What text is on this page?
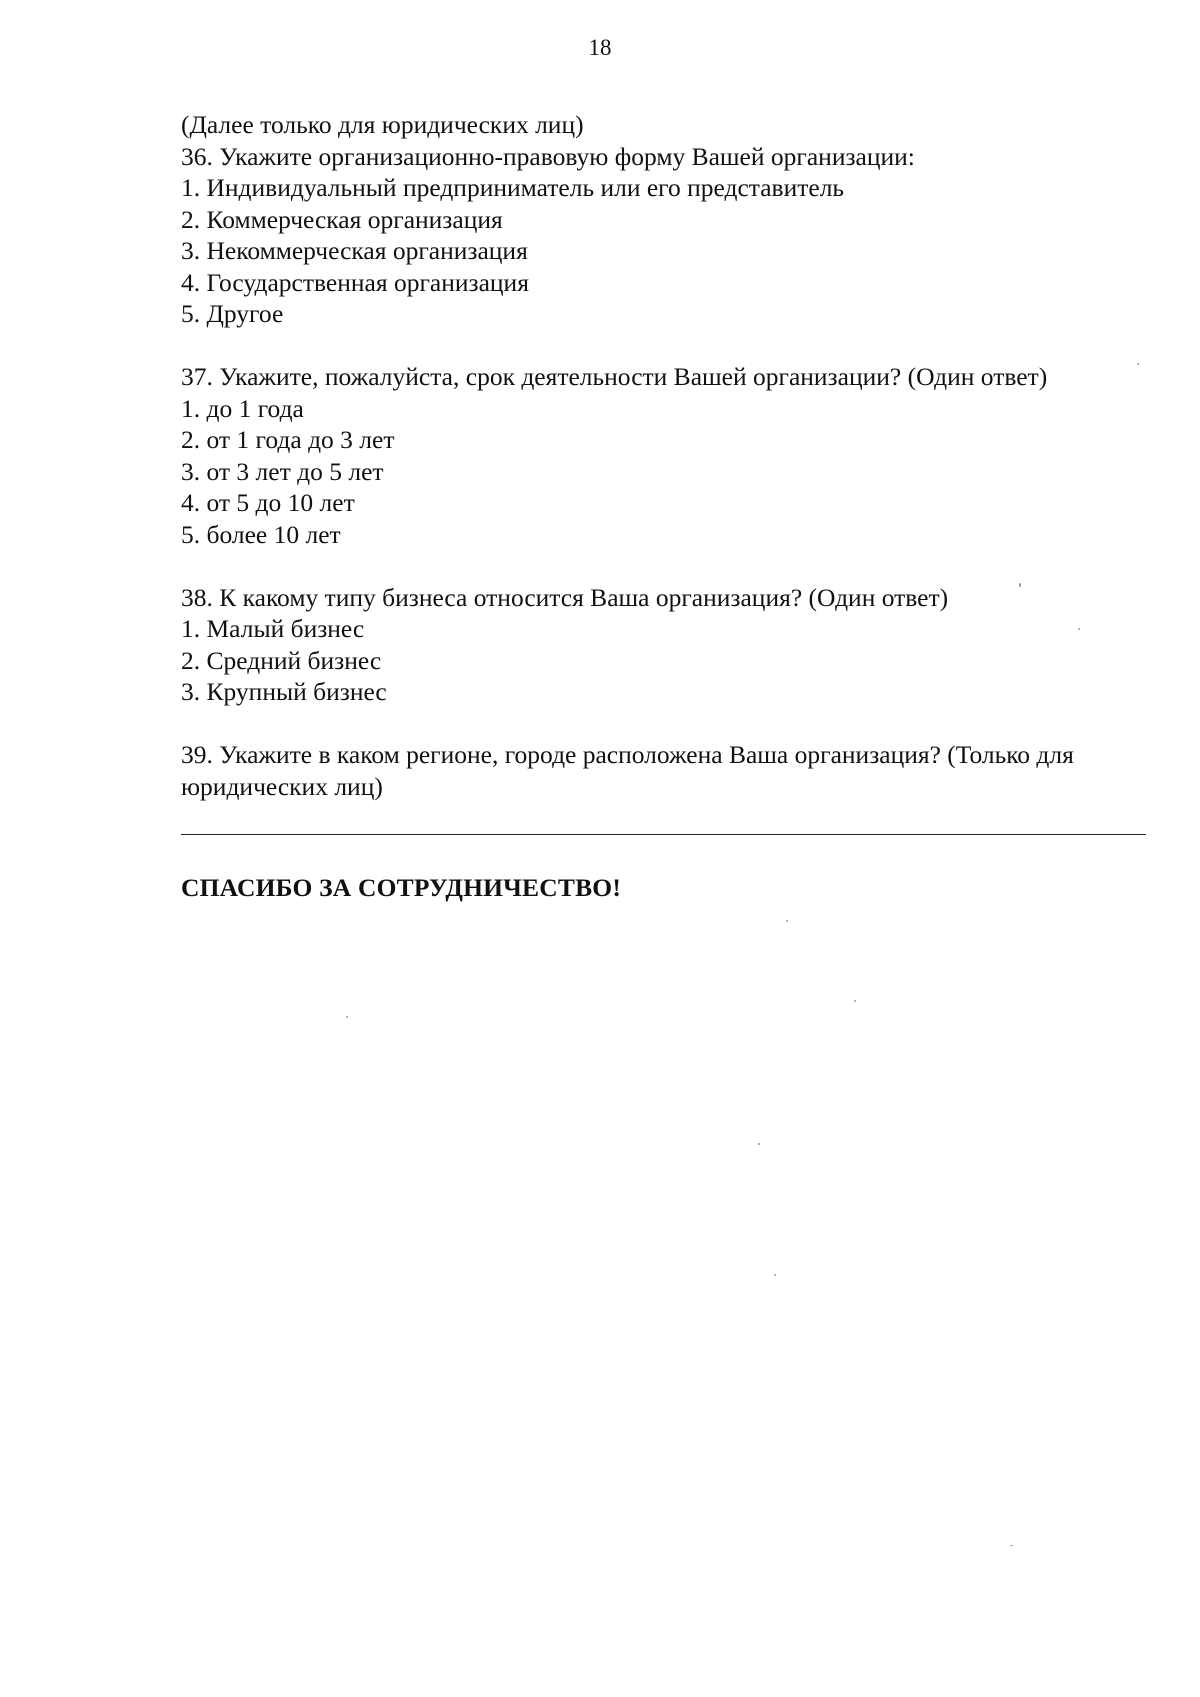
18
(Далее только для юридических лиц)
36. Укажите организационно-правовую форму Вашей организации:
1. Индивидуальный предприниматель или его представитель
2. Коммерческая организация
3. Некоммерческая организация
4. Государственная организация
5. Другое
37. Укажите, пожалуйста, срок деятельности Вашей организации? (Один ответ)
1. до 1 года
2. от 1 года до 3 лет
3. от 3 лет до 5 лет
4. от 5 до 10 лет
5. более 10 лет
38. К какому типу бизнеса относится Ваша организация? (Один ответ)
1. Малый бизнес
2. Средний бизнес
3. Крупный бизнес
39. Укажите в каком регионе, городе расположена Ваша организация? (Только для юридических лиц)
СПАСИБО ЗА СОТРУДНИЧЕСТВО!
